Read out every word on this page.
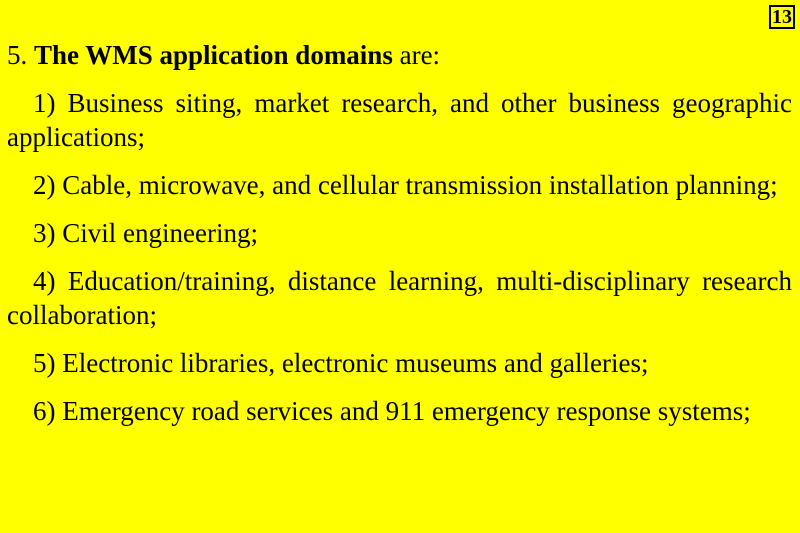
13

5. The WMS application domains are:

1) Business siting, market research, and other business geographic applications;

2) Cable, microwave, and cellular transmission installation planning;

3) Civil engineering;

4) Education/training, distance learning, multi-disciplinary research collaboration;

5) Electronic libraries, electronic museums and galleries;

6) Emergency road services and 911 emergency response systems;
